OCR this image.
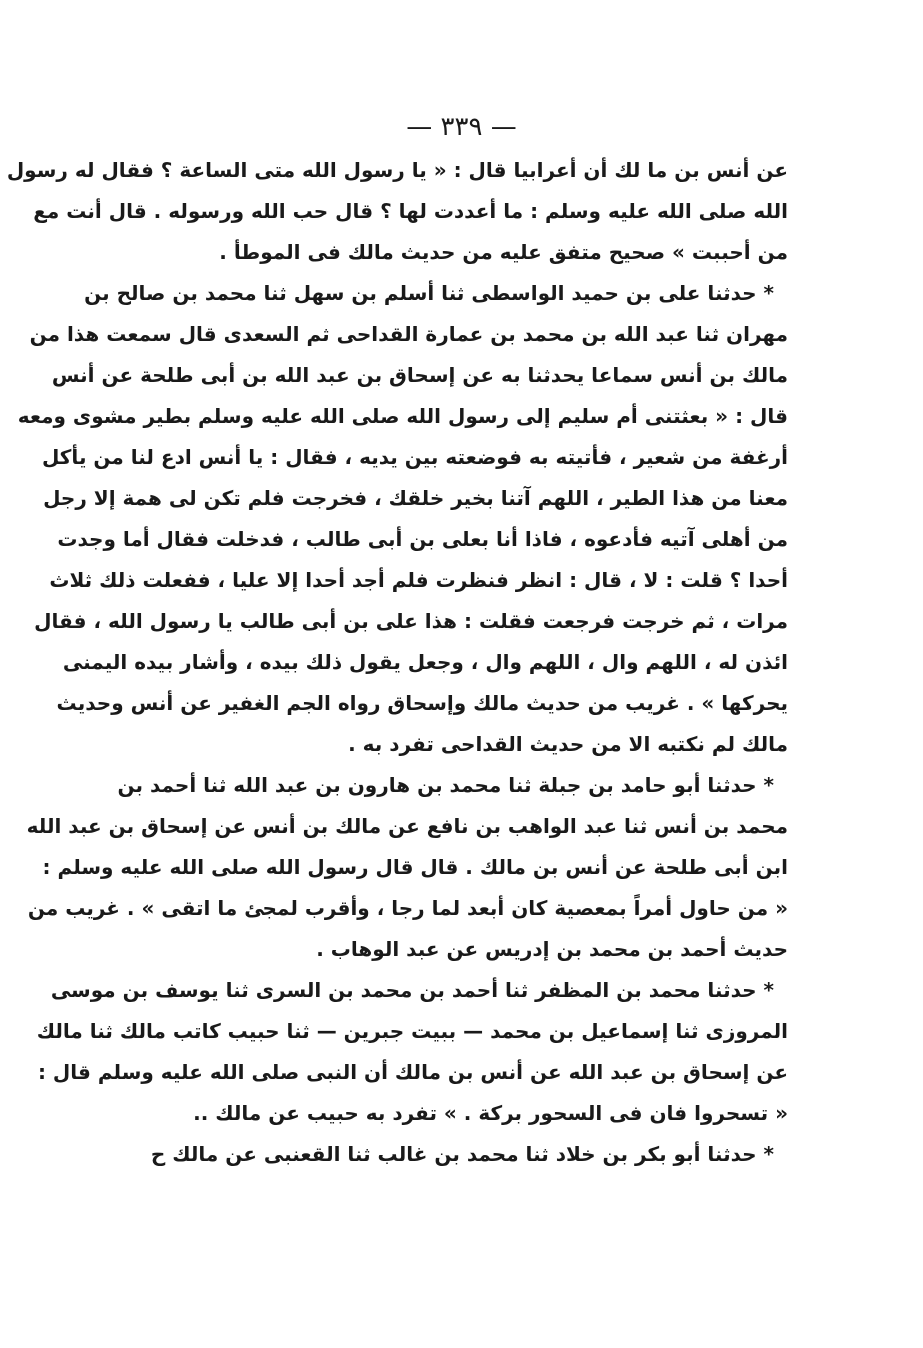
— ٣٣٩ —
عن أنس بن ما لك أن أعرابيا قال : « يا رسول الله متى الساعة ؟ فقال له رسول
الله صلى الله عليه وسلم : ما أعددت لها ؟ قال حب الله ورسوله . قال أنت مع
من أحببت » صحيح متفق عليه من حديث مالك فى الموطأ .
* حدثنا على بن حميد الواسطى ثنا أسلم بن سهل ثنا محمد بن صالح بن
مهران ثنا عبد الله بن محمد بن عمارة القداحى ثم السعدى قال سمعت هذا من
مالك بن أنس سماعا يحدثنا به عن إسحاق بن عبد الله بن أبى طلحة عن أنس
قال : « بعثتنى أم سليم إلى رسول الله صلى الله عليه وسلم بطير مشوى ومعه
أرغفة من شعير ، فأتيته به فوضعته بين يديه ، فقال : يا أنس ادع لنا من يأكل
معنا من هذا الطير ، اللهم آتنا بخير خلقك ، فخرجت فلم تكن لى همة إلا رجل
من أهلى آتيه فأدعوه ، فاذا أنا بعلى بن أبى طالب ، فدخلت فقال أما وجدت
أحدا ؟ قلت : لا ، قال : انظر فنظرت فلم أجد أحدا إلا عليا ، ففعلت ذلك ثلاث
مرات ، ثم خرجت فرجعت فقلت : هذا على بن أبى طالب يا رسول الله ، فقال
ائذن له ، اللهم وال ، اللهم وال ، وجعل يقول ذلك بيده ، وأشار بيده اليمنى
يحركها » . غريب من حديث مالك وإسحاق رواه الجم الغفير عن أنس وحديث
مالك لم نكتبه الا من حديث القداحى تفرد به .
* حدثنا أبو حامد بن جبلة ثنا محمد بن هارون بن عبد الله ثنا أحمد بن
محمد بن أنس ثنا عبد الواهب بن نافع عن مالك بن أنس عن إسحاق بن عبد الله
ابن أبى طلحة عن أنس بن مالك . قال قال رسول الله صلى الله عليه وسلم :
« من حاول أمراً بمعصية كان أبعد لما رجا ، وأقرب لمجئ ما اتقى » . غريب من
حديث أحمد بن محمد بن إدريس عن عبد الوهاب .
* حدثنا محمد بن المظفر ثنا أحمد بن محمد بن السرى ثنا يوسف بن موسى
المروزى ثنا إسماعيل بن محمد — ببيت جبرين — ثنا حبيب كاتب مالك ثنا مالك
عن إسحاق بن عبد الله عن أنس بن مالك أن النبى صلى الله عليه وسلم قال :
« تسحروا فان فى السحور بركة . » تفرد به حبيب عن مالك ..
* حدثنا أبو بكر بن خلاد ثنا محمد بن غالب ثنا القعنبى عن مالك ح
